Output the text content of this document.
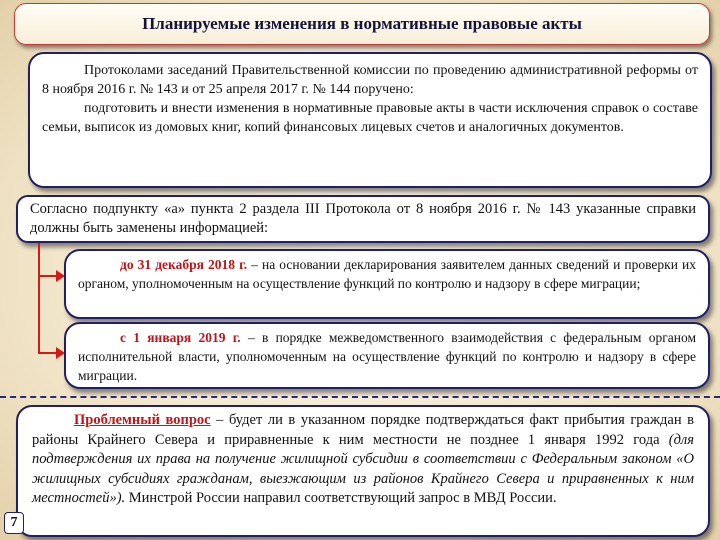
Планируемые изменения в нормативные правовые акты

Протоколами заседаний Правительственной комиссии по проведению административной реформы от 8 ноября 2016 г. № 143 и от 25 апреля 2017 г. № 144 поручено:

подготовить и внести изменения в нормативные правовые акты в части исключения справок о составе семьи, выписок из домовых книг, копий финансовых лицевых счетов и аналогичных документов.

Согласно подпункту «а» пункта 2 раздела III Протокола от 8 ноября 2016 г. № 143 указанные справки должны быть заменены информацией:

до 31 декабря 2018 г. – на основании декларирования заявителем данных сведений и проверки их органом, уполномоченным на осуществление функций по контролю и надзору в сфере миграции;

с 1 января 2019 г. – в порядке межведомственного взаимодействия с федеральным органом исполнительной власти, уполномоченным на осуществление функций по контролю и надзору в сфере миграции.

Проблемный вопрос – будет ли в указанном порядке подтверждаться факт прибытия граждан в районы Крайнего Севера и приравненные к ним местности не позднее 1 января 1992 года (для подтверждения их права на получение жилищной субсидии в соответствии с Федеральным законом «О жилищных субсидиях гражданам, выезжающим из районов Крайнего Севера и приравненных к ним местностей»). Минстрой России направил соответствующий запрос в МВД России.

7
